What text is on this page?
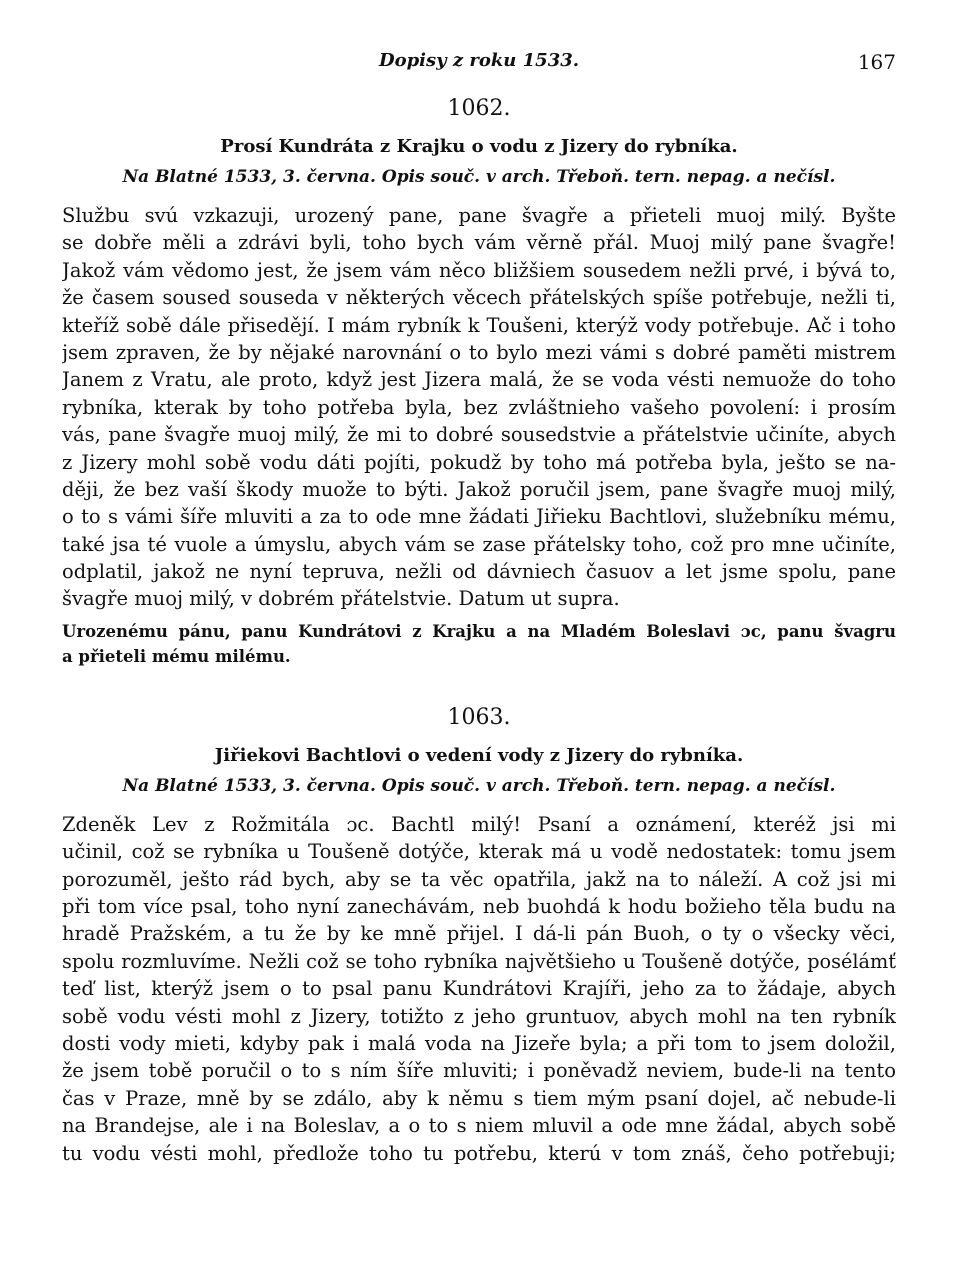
Dopisy z roku 1533.	167
1062.
Prosí Kundráta z Krajku o vodu z Jizery do rybníka.
Na Blatné 1533, 3. června. Opis souč. v arch. Třeboň. tern. nepag. a nečísl.
Službu svú vzkazuji, urozený pane, pane švagře a přieteli muoj milý. Byšte
se dobře měli a zdrávi byli, toho bych vám věrně přál. Muoj milý pane švagře!
Jakož vám vědomo jest, že jsem vám něco bližšiem sousedem nežli prvé, i bývá to,
že časem soused souseda v některých věcech přátelských spíše potřebuje, nežli ti,
kteříž sobě dále přisedějí. I mám rybník k Toušeni, kterýž vody potřebuje. Ač i toho
jsem zpraven, že by nějaké narovnání o to bylo mezi vámi s dobré paměti mistrem
Janem z Vratu, ale proto, když jest Jizera malá, že se voda vésti nemuože do toho
rybníka, kterak by toho potřeba byla, bez zvláštnieho vašeho povolení: i prosím
vás, pane švagře muoj milý, že mi to dobré sousedstvie a přátelstvie učiníte, abych
z Jizery mohl sobě vodu dáti pojíti, pokudž by toho má potřeba byla, ješto se na-
ději, že bez vaší škody muože to býti. Jakož poručil jsem, pane švagře muoj milý,
o to s vámi šíře mluviti a za to ode mne žádati Jiřieku Bachtlovi, služebníku mému,
také jsa té vuole a úmyslu, abych vám se zase přátelsky toho, což pro mne učiníte,
odplatil, jakož ne nyní tepruva, nežli od dávniech časuov a let jsme spolu, pane
švagře muoj milý, v dobrém přátelstvie. Datum ut supra.
Urozenému pánu, panu Kundrátovi z Krajku a na Mladém Boleslavi ɔc, panu švagru
a přieteli mému milému.
1063.
Jiřiekovi Bachtlovi o vedení vody z Jizery do rybníka.
Na Blatné 1533, 3. června. Opis souč. v arch. Třeboň. tern. nepag. a nečísl.
Zdeněk Lev z Rožmitála ɔc. Bachtl milý! Psaní a oznámení, kteréž jsi mi
učinil, což se rybníka u Toušeně dotýče, kterak má u vodě nedostatek: tomu jsem
porozuměl, ješto rád bych, aby se ta věc opatřila, jakž na to náleží. A což jsi mi
při tom více psal, toho nyní zanechávám, neb buohdá k hodu božieho těla budu na
hradě Pražském, a tu že by ke mně přijel. I dá-li pán Buoh, o ty o všecky věci,
spolu rozmluvíme. Nežli což se toho rybníka najvětšieho u Toušeně dotýče, posélámť
teď list, kterýž jsem o to psal panu Kundrátovi Krajíři, jeho za to žádaje, abych
sobě vodu vésti mohl z Jizery, totižto z jeho gruntuov, abych mohl na ten rybník
dosti vody mieti, kdyby pak i malá voda na Jizeře byla; a při tom to jsem doložil,
že jsem tobě poručil o to s ním šíře mluviti; i poněvadž neviem, bude-li na tento
čas v Praze, mně by se zdálo, aby k němu s tiem mým psaní dojel, ač nebude-li
na Brandejse, ale i na Boleslav, a o to s niem mluvil a ode mne žádal, abych sobě
tu vodu vésti mohl, předlože toho tu potřebu, kterú v tom znáš, čeho potřebuji;
